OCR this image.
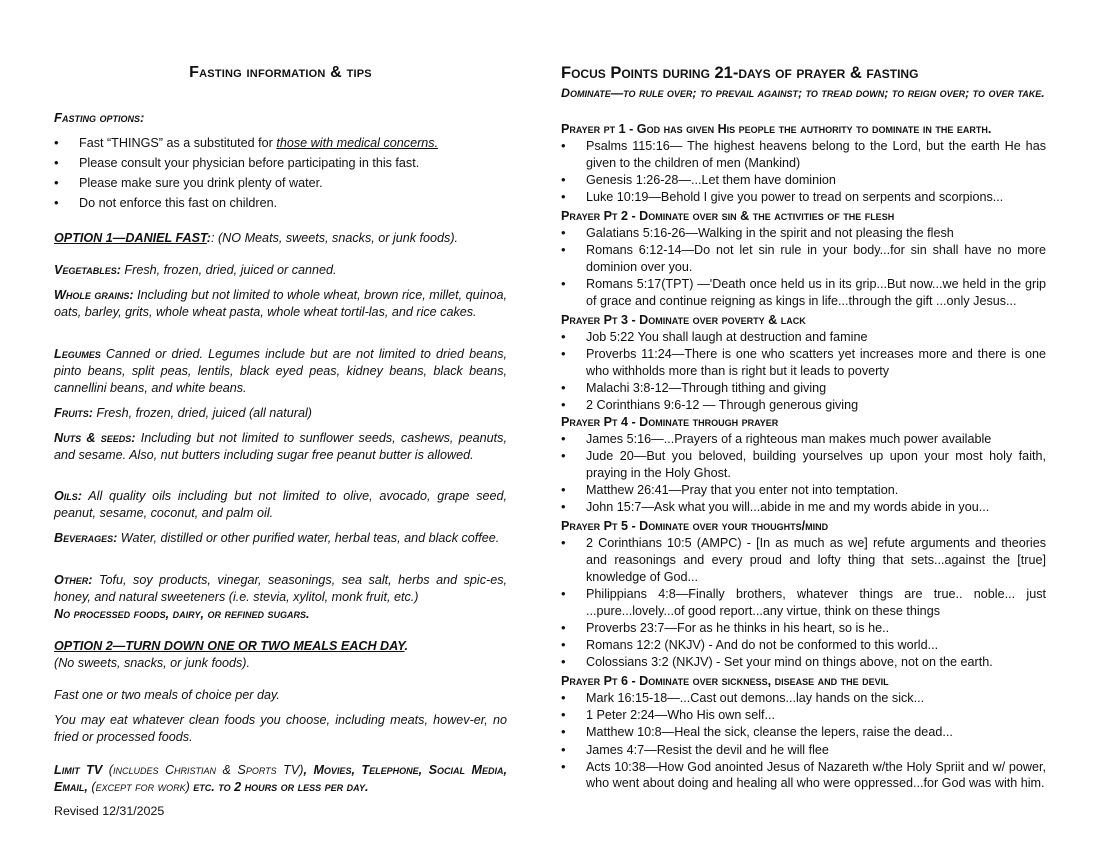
Fasting information & tips
Fasting options:
• Fast “THINGS” as a substituted for those with medical concerns.
• Please consult your physician before participating in this fast.
• Please make sure you drink plenty of water.
• Do not enforce this fast on children.
OPTION 1—DANIEL FAST:: (NO Meats, sweets, snacks, or junk foods).
Vegetables: Fresh, frozen, dried, juiced or canned.
Whole grains: Including but not limited to whole wheat, brown rice, millet, quinoa, oats, barley, grits, whole wheat pasta, whole wheat tortil-las, and rice cakes.
Legumes Canned or dried. Legumes include but are not limited to dried beans, pinto beans, split peas, lentils, black eyed peas, kidney beans, black beans, cannellini beans, and white beans.
Fruits: Fresh, frozen, dried, juiced (all natural)
Nuts & seeds: Including but not limited to sunflower seeds, cashews, peanuts, and sesame. Also, nut butters including sugar free peanut butter is allowed.
Oils: All quality oils including but not limited to olive, avocado, grape seed, peanut, sesame, coconut, and palm oil.
Beverages: Water, distilled or other purified water, herbal teas, and black coffee.
Other: Tofu, soy products, vinegar, seasonings, sea salt, herbs and spic-es, honey, and natural sweeteners (i.e. stevia, xylitol, monk fruit, etc.)
No processed foods, dairy, or refined sugars.
OPTION 2—TURN DOWN ONE OR TWO MEALS EACH DAY.
(No sweets, snacks, or junk foods).
Fast one or two meals of choice per day.
You may eat whatever clean foods you choose, including meats, howev-er, no fried or processed foods.
Limit TV (includes Christian & Sports TV), Movies, Telephone, Social Media, Email, (except for work) etc. to 2 hours or less per day.
Revised 12/31/2025
Focus Points during 21-days of prayer & fasting
Dominate—to rule over; to prevail against; to tread down; to reign over; to over take.
Prayer pt 1 - God has given His people the authority to dominate in the earth.
• Psalms 115:16— The highest heavens belong to the Lord, but the earth He has given to the children of men (Mankind)
• Genesis 1:26-28—...Let them have dominion
• Luke 10:19—Behold I give you power to tread on serpents and scorpions...
Prayer Pt 2 - Dominate over sin & the activities of the flesh
• Galatians 5:16-26—Walking in the spirit and not pleasing the flesh
• Romans 6:12-14—Do not let sin rule in your body...for sin shall have no more dominion over you.
• Romans 5:17(TPT) —'Death once held us in its grip...But now...we held in the grip of grace and continue reigning as kings in life...through the gift ...only Jesus...
Prayer Pt 3 - Dominate over poverty & lack
• Job 5:22 You shall laugh at destruction and famine
• Proverbs 11:24—There is one who scatters yet increases more and there is one who withholds more than is right but it leads to poverty
• Malachi 3:8-12—Through tithing and giving
• 2 Corinthians 9:6-12 — Through generous giving
Prayer Pt 4 - Dominate through prayer
• James 5:16—...Prayers of a righteous man makes much power available
• Jude 20—But you beloved, building yourselves up upon your most holy faith, praying in the Holy Ghost.
• Matthew 26:41—Pray that you enter not into temptation.
• John 15:7—Ask what you will...abide in me and my words abide in you...
Prayer Pt 5 - Dominate over your thoughts/mind
• 2 Corinthians 10:5 (AMPC) - [In as much as we] refute arguments and theories and reasonings and every proud and lofty thing that sets...against the [true] knowledge of God...
• Philippians 4:8—Finally brothers, whatever things are true.. noble... just ...pure...lovely...of good report...any virtue, think on these things
• Proverbs 23:7—For as he thinks in his heart, so is he..
• Romans 12:2 (NKJV) - And do not be conformed to this world...
• Colossians 3:2 (NKJV) - Set your mind on things above, not on the earth.
Prayer Pt 6 - Dominate over sickness, disease and the devil
• Mark 16:15-18—...Cast out demons...lay hands on the sick...
• 1 Peter 2:24—Who His own self...
• Matthew 10:8—Heal the sick, cleanse the lepers, raise the dead...
• James 4:7—Resist the devil and he will flee
• Acts 10:38—How God anointed Jesus of Nazareth w/the Holy Spriit and w/ power, who went about doing and healing all who were oppressed...for God was with him.
